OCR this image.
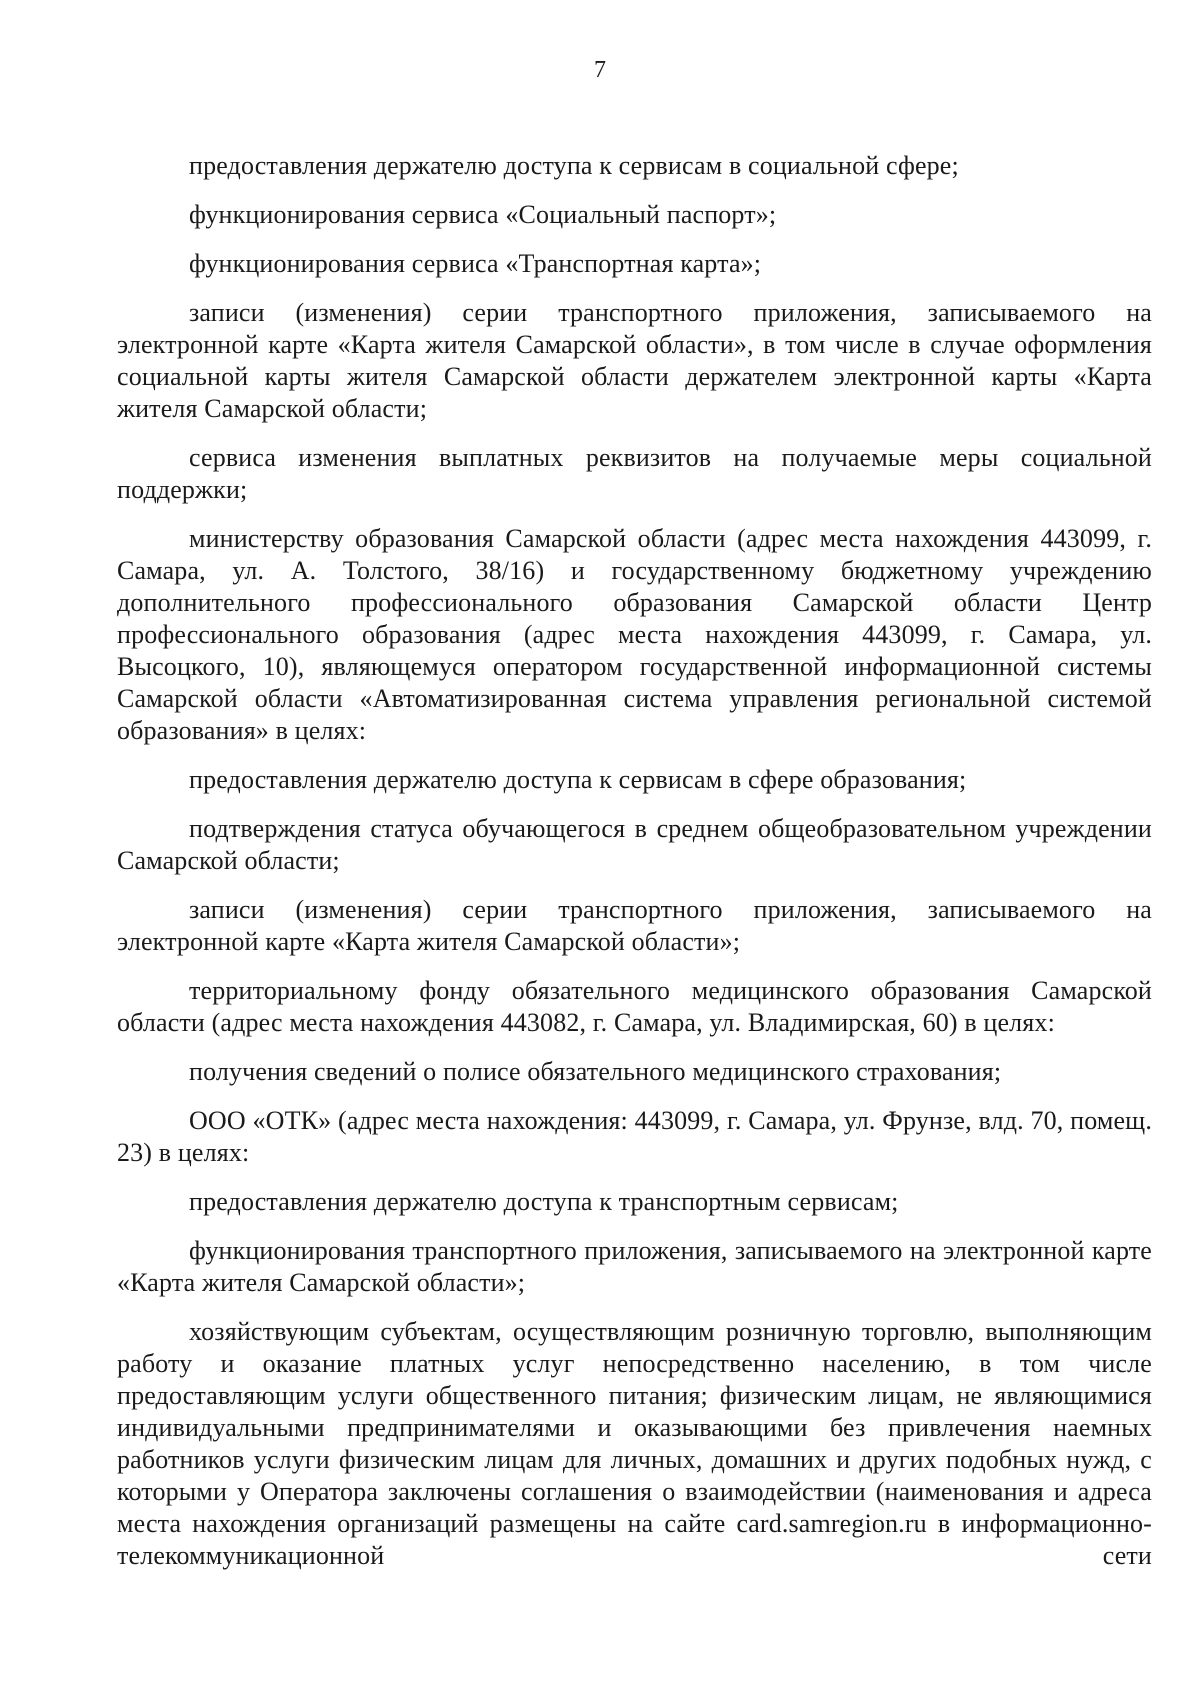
7

предоставления держателю доступа к сервисам в социальной сфере;

функционирования сервиса «Социальный паспорт»;

функционирования сервиса «Транспортная карта»;

записи (изменения) серии транспортного приложения, записываемого на электронной карте «Карта жителя Самарской области», в том числе в случае оформления социальной карты жителя Самарской области держателем электронной карты «Карта жителя Самарской области;

сервиса изменения выплатных реквизитов на получаемые меры социальной поддержки;

министерству образования Самарской области (адрес места нахождения 443099, г. Самара, ул. А. Толстого, 38/16) и государственному бюджетному учреждению дополнительного профессионального образования Самарской области Центр профессионального образования (адрес места нахождения 443099, г. Самара, ул. Высоцкого, 10), являющемуся оператором государственной информационной системы Самарской области «Автоматизированная система управления региональной системой образования» в целях:

предоставления держателю доступа к сервисам в сфере образования;

подтверждения статуса обучающегося в среднем общеобразовательном учреждении Самарской области;

записи (изменения) серии транспортного приложения, записываемого на электронной карте «Карта жителя Самарской области»;

территориальному фонду обязательного медицинского образования Самарской области (адрес места нахождения 443082, г. Самара, ул. Владимирская, 60) в целях:

получения сведений о полисе обязательного медицинского страхования;

ООО «ОТК» (адрес места нахождения: 443099, г. Самара, ул. Фрунзе, влд. 70, помещ. 23) в целях:

предоставления держателю доступа к транспортным сервисам;

функционирования транспортного приложения, записываемого на электронной карте «Карта жителя Самарской области»;

хозяйствующим субъектам, осуществляющим розничную торговлю, выполняющим работу и оказание платных услуг непосредственно населению, в том числе предоставляющим услуги общественного питания; физическим лицам, не являющимися индивидуальными предпринимателями и оказывающими без привлечения наемных работников услуги физическим лицам для личных, домашних и других подобных нужд, с которыми у Оператора заключены соглашения о взаимодействии (наименования и адреса места нахождения организаций размещены на сайте card.samregion.ru в информационно-телекоммуникационной сети
